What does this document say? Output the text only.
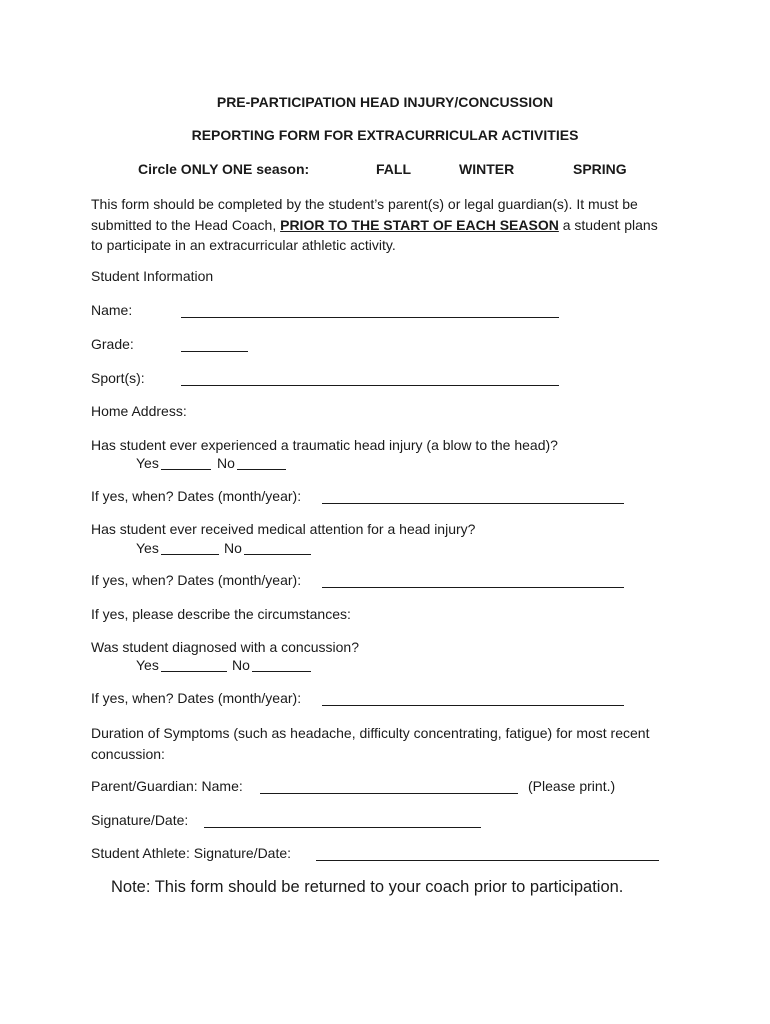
PRE-PARTICIPATION HEAD INJURY/CONCUSSION
REPORTING FORM FOR EXTRACURRICULAR ACTIVITIES
Circle ONLY ONE season:	FALL	WINTER	SPRING
This form should be completed by the student’s parent(s) or legal guardian(s). It must be submitted to the Head Coach, PRIOR TO THE START OF EACH SEASON a student plans to participate in an extracurricular athletic activity.
Student Information
Name:
Grade:
Sport(s):
Home Address:
Has student ever experienced a traumatic head injury (a blow to the head)?
Yes	No
If yes, when? Dates (month/year):
Has student ever received medical attention for a head injury?
Yes	No
If yes, when? Dates (month/year):
If yes, please describe the circumstances:
Was student diagnosed with a concussion?
Yes	No
If yes, when? Dates (month/year):
Duration of Symptoms (such as headache, difficulty concentrating, fatigue) for most recent concussion:
Parent/Guardian: Name:	(Please print.)
Signature/Date:
Student Athlete: Signature/Date:
Note: This form should be returned to your coach prior to participation.
